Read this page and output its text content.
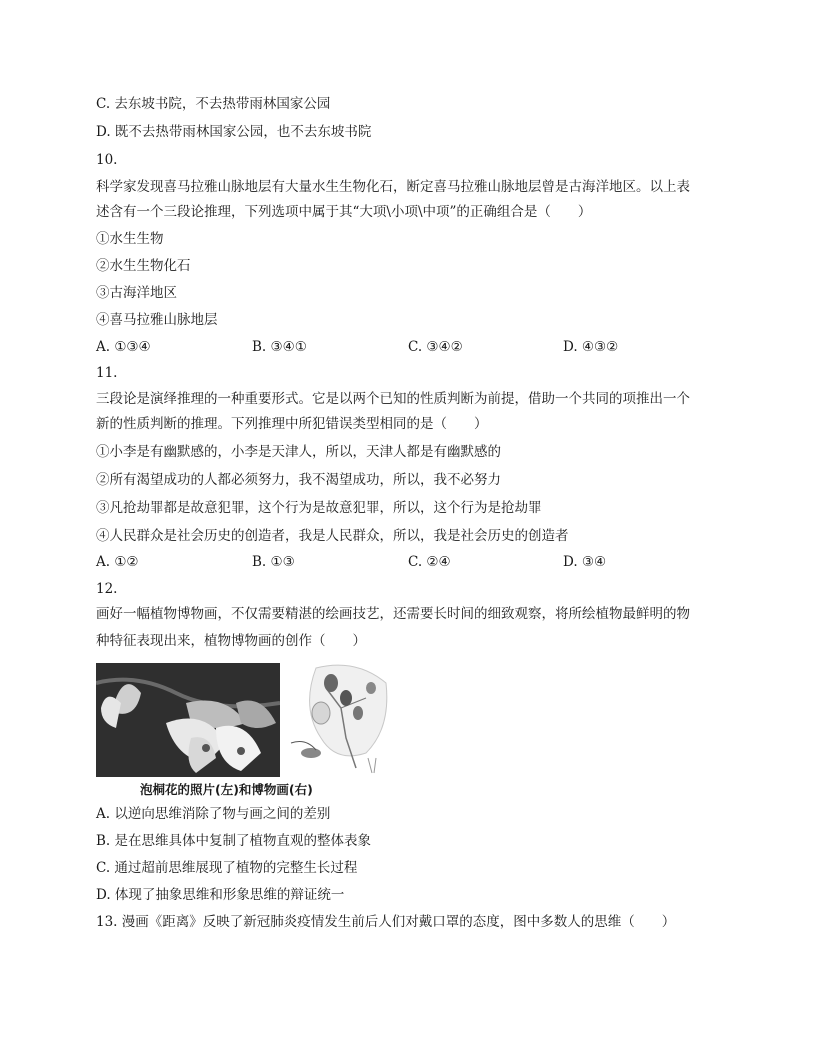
C. 去东坡书院，不去热带雨林国家公园
D. 既不去热带雨林国家公园，也不去东坡书院
10.
科学家发现喜马拉雅山脉地层有大量水生生物化石，断定喜马拉雅山脉地层曾是古海洋地区。以上表
述含有一个三段论推理，下列选项中属于其“大项\小项\中项”的正确组合是（　　）
①水生生物
②水生生物化石
③古海洋地区
④喜马拉雅山脉地层
A. ①③④	B. ③④①	C. ③④②	D. ④③②
11.
三段论是演绎推理的一种重要形式。它是以两个已知的性质判断为前提，借助一个共同的项推出一个
新的性质判断的推理。下列推理中所犯错误类型相同的是（　　）
①小李是有幽默感的，小李是天津人，所以，天津人都是有幽默感的
②所有渴望成功的人都必须努力，我不渴望成功，所以，我不必努力
③凡抢劫罪都是故意犯罪，这个行为是故意犯罪，所以，这个行为是抢劫罪
④人民群众是社会历史的创造者，我是人民群众，所以，我是社会历史的创造者
A. ①②	B. ①③	C. ②④	D. ③④
12.
画好一幅植物博物画，不仅需要精湛的绘画技艺，还需要长时间的细致观察，将所绘植物最鲜明的物
种特征表现出来，植物博物画的创作（　　）
泡桐花的照片(左)和博物画(右)
A. 以逆向思维消除了物与画之间的差别
B. 是在思维具体中复制了植物直观的整体表象
C. 通过超前思维展现了植物的完整生长过程
D. 体现了抽象思维和形象思维的辩证统一
13. 漫画《距离》反映了新冠肺炎疫情发生前后人们对戴口罩的态度，图中多数人的思维（　　）
